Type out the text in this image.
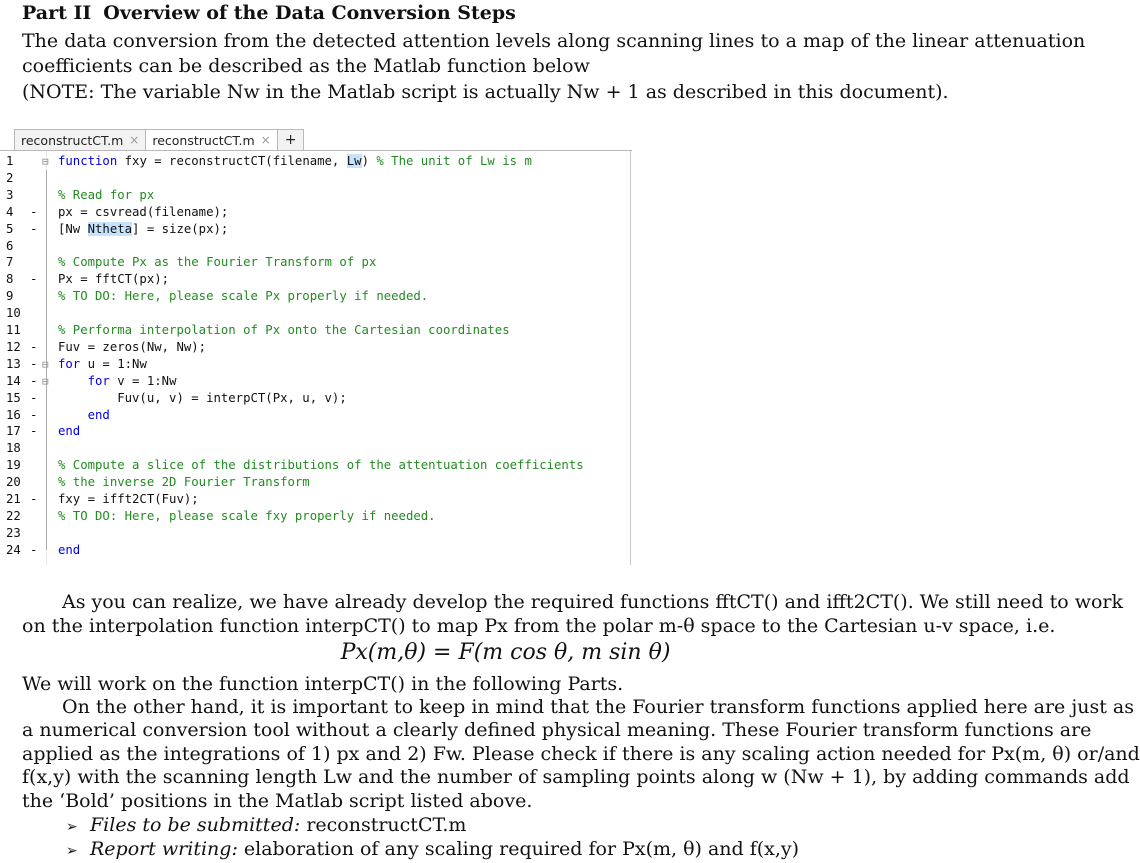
Part II Overview of the Data Conversion Steps
The data conversion from the detected attention levels along scanning lines to a map of the linear attenuation
coefficients can be described as the Matlab function below
(NOTE: The variable Nw in the Matlab script is actually Nw + 1 as described in this document).
reconstructCT.m × reconstructCT.m ×	+
1	function fxy = reconstructCT(filename, Lw) % The unit of Lw is m
2
3	% Read for px
4	- px = csvread(filename);
5	- [Nw Ntheta] = size(px);
6
7	% Compute Px as the Fourier Transform of px
8	- Px = fftCT(px);
9	% TO DO: Here, please scale Px properly if needed.
10
11	% Performa interpolation of Px onto the Cartesian coordinates
12 - Fuv = zeros(Nw, Nw);
13 - for u = 1:Nw
14 -	for v = 1:Nw
15 - Fuv(u, v) = interpCT(Px, u, v);
16 -	end
17 - end
18
19	% Compute a slice of the distributions of the attentuation coefficients
20	% the inverse 2D Fourier Transform
21 - fxy = ifft2CT(Fuv);
22	% TO DO: Here, please scale fxy properly if needed.
23
24 - end
⊟
⊟
⊟
As you can realize, we have already develop the required functions fftCT() and ifft2CT(). We still need to work
on the interpolation function interpCT() to map Px from the polar m-θ space to the Cartesian u-v space, i.e.
Px(m,θ) = F(m cos θ, m sin θ)
We will work on the function interpCT() in the following Parts.
On the other hand, it is important to keep in mind that the Fourier transform functions applied here are just as
a numerical conversion tool without a clearly defined physical meaning. These Fourier transform functions are
applied as the integrations of 1) px and 2) Fw. Please check if there is any scaling action needed for Px(m, θ) or/and
f(x,y) with the scanning length Lw and the number of sampling points along w (Nw + 1), by adding commands add
the ‘Bold’ positions in the Matlab script listed above.
➢ Files to be submitted: reconstructCT.m
➢ Report writing: elaboration of any scaling required for Px(m, θ) and f(x,y)
